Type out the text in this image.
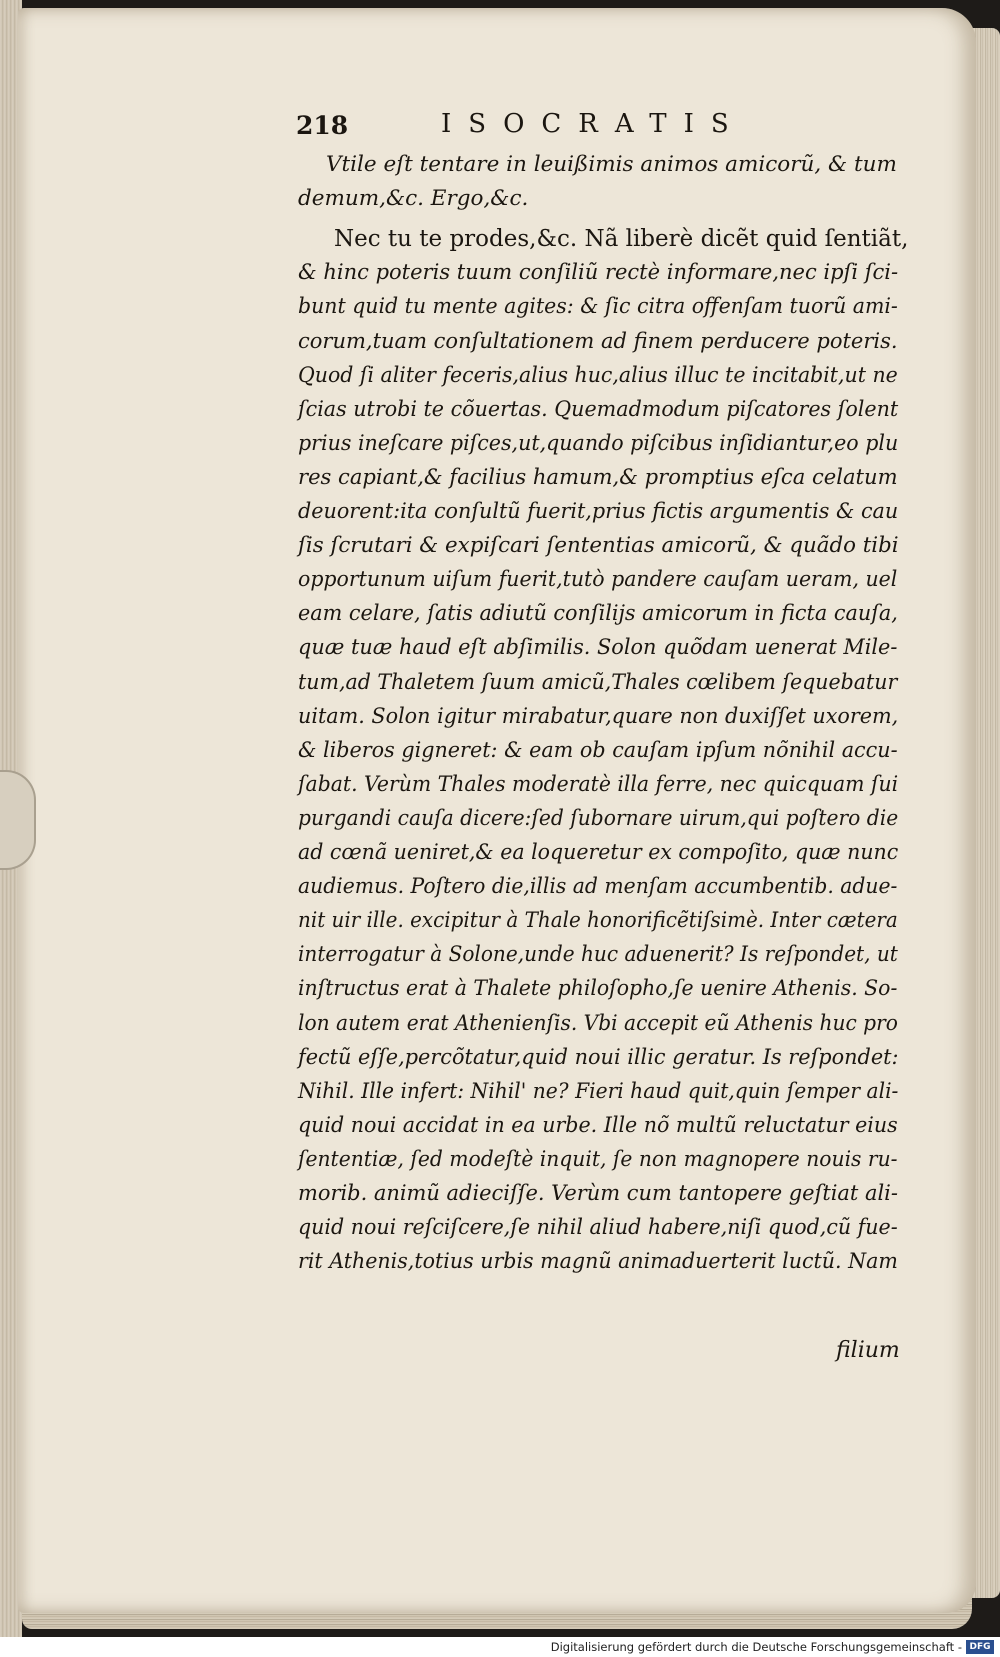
218	ISOCRATIS
Vtile eſt tentare in leuißimis animos amicorũ, & tum
demum,&c. Ergo,&c.
Nec tu te prodes,&c. Nã liberè dicẽt quid ſentiãt,
& hinc poteris tuum conſiliũ rectè informare,nec ipſi ſci-
bunt quid tu mente agites: & ſic citra offenſam tuorũ ami-
corum,tuam conſultationem ad finem perducere poteris.
Quod ſi aliter feceris,alius huc,alius illuc te incitabit,ut ne
ſcias utrobi te cõuertas. Quemadmodum piſcatores ſolent
prius ineſcare piſces,ut,quando piſcibus inſidiantur,eo plu
res capiant,& facilius hamum,& promptius eſca celatum
deuorent:ita conſultũ fuerit,prius fictis argumentis & cau
ſis ſcrutari & expiſcari ſententias amicorũ, & quãdo tibi
opportunum uiſum fuerit,tutò pandere cauſam ueram, uel
eam celare, ſatis adiutũ conſilijs amicorum in ficta cauſa,
quæ tuæ haud eſt abſimilis. Solon quõdam uenerat Mile-
tum,ad Thaletem ſuum amicũ,Thales cœlibem ſequebatur
uitam. Solon igitur mirabatur,quare non duxiſſet uxorem,
& liberos gigneret: & eam ob cauſam ipſum nõnihil accu-
ſabat. Verùm Thales moderatè illa ferre, nec quicquam ſui
purgandi cauſa dicere:ſed ſubornare uirum,qui poſtero die
ad cœnã ueniret,& ea loqueretur ex compoſito, quæ nunc
audiemus. Poſtero die,illis ad menſam accumbentib. adue-
nit uir ille. excipitur à Thale honorificẽtiſsimè. Inter cætera
interrogatur à Solone,unde huc aduenerit? Is reſpondet, ut
inſtructus erat à Thalete philoſopho,ſe uenire Athenis. So-
lon autem erat Athenienſis. Vbi accepit eũ Athenis huc pro
fectũ eſſe,percõtatur,quid noui illic geratur. Is reſpondet:
Nihil. Ille infert: Nihil' ne? Fieri haud quit,quin ſemper ali-
quid noui accidat in ea urbe. Ille nõ multũ reluctatur eius
ſententiæ, ſed modeſtè inquit, ſe non magnopere nouis ru-
morib. animũ adieciſſe. Verùm cum tantopere geſtiat ali-
quid noui reſciſcere,ſe nihil aliud habere,niſi quod,cũ fue-
rit Athenis,totius urbis magnũ animaduerterit luctũ. Nam
filium
Digitalisierung gefördert durch die Deutsche Forschungsgemeinschaft - DFG
